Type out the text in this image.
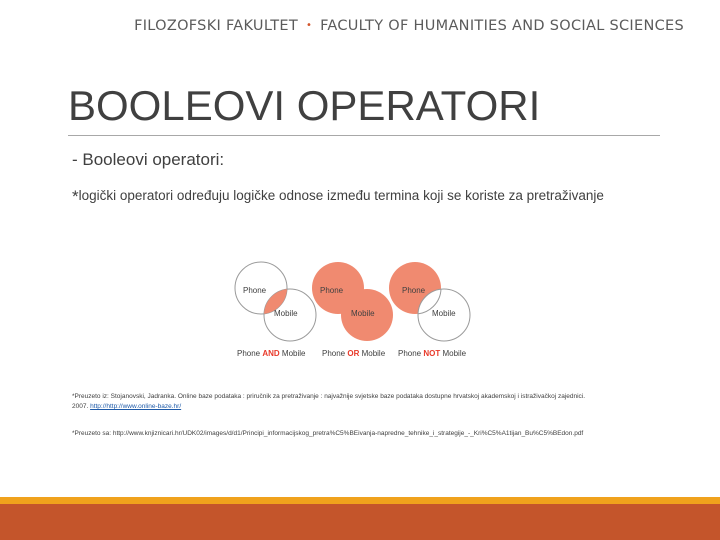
FILOZOFSKI FAKULTET • FACULTY OF HUMANITIES AND SOCIAL SCIENCES
BOOLEOVI OPERATORI
- Booleovi operatori:
*logički operatori određuju logičke odnose između termina koji se koriste za pretraživanje
Phone
Mobile
Phone AND Mobile
Phone
Mobile
Phone OR Mobile
Phone
Mobile
Phone NOT Mobile
*Preuzeto iz: Stojanovski, Jadranka. Online baze podataka : priručnik za pretraživanje : najvažnije svjetske baze podataka dostupne hrvatskoj akademskoj i istraživačkoj zajednici.
2007. http://http://www.online-baze.hr/
*Preuzeto sa: http://www.knjiznicari.hr/UDK02/images/d/d1/Principi_informacijskog_pretra%C5%BEivanja-napredne_tehnike_i_strategije_-_Kri%C5%A1tijan_Bu%C5%BEdon.pdf
